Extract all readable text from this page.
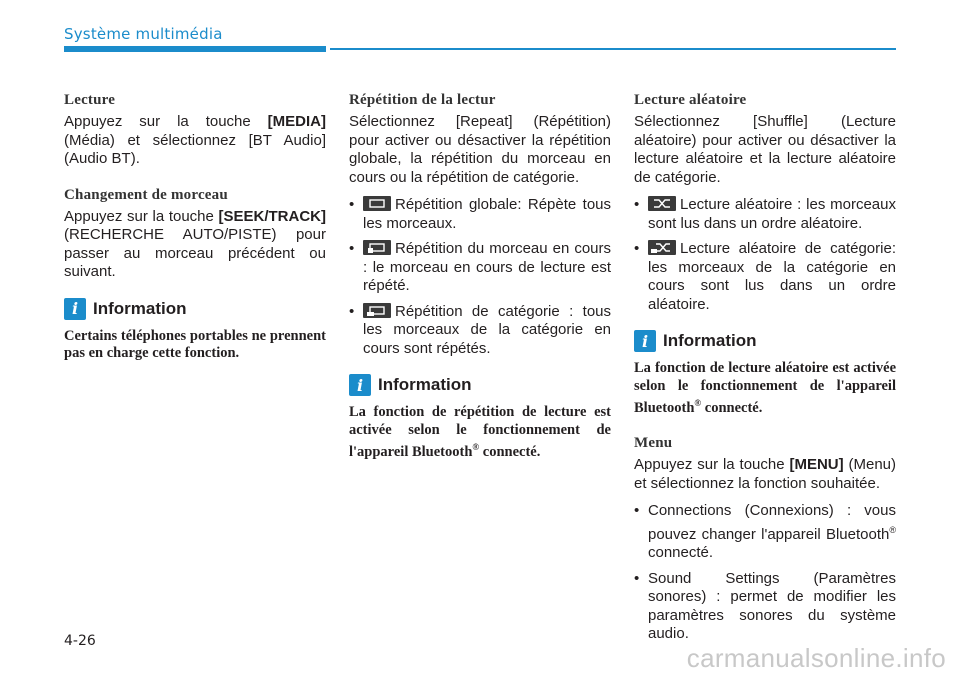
Système multimédia
Lecture

Appuyez sur la touche [MEDIA] (Média) et sélectionnez [BT Audio] (Audio BT).

Changement de morceau

Appuyez sur la touche [SEEK/TRACK] (RECHERCHE AUTO/PISTE) pour passer au morceau précédent ou suivant.

i Information

Certains téléphones portables ne prennent pas en charge cette fonction.

Répétition de la lectur

Sélectionnez [Repeat] (Répétition) pour activer ou désactiver la répétition globale, la répétition du morceau en cours ou la répétition de catégorie.

• Répétition globale: Répète tous les morceaux.
• Répétition du morceau en cours : le morceau en cours de lecture est répété.
• Répétition de catégorie : tous les morceaux de la catégorie en cours sont répétés.
i Information

La fonction de répétition de lecture est activée selon le fonctionnement de l'appareil Bluetooth® connecté.

Lecture aléatoire

Sélectionnez [Shuffle] (Lecture aléatoire) pour activer ou désactiver la lecture aléatoire et la lecture aléatoire de catégorie.

• Lecture aléatoire : les morceaux sont lus dans un ordre aléatoire.
• Lecture aléatoire de catégorie: les morceaux de la catégorie en cours sont lus dans un ordre aléatoire.
i Information

La fonction de lecture aléatoire est activée selon le fonctionnement de l'appareil Bluetooth® connecté.

Menu

Appuyez sur la touche [MENU] (Menu) et sélectionnez la fonction souhaitée.

• Connections (Connexions) : vous pouvez changer l'appareil Bluetooth® connecté.
• Sound Settings (Paramètres sonores) : permet de modifier les paramètres sonores du système audio.
4-26
carmanualsonline.info
